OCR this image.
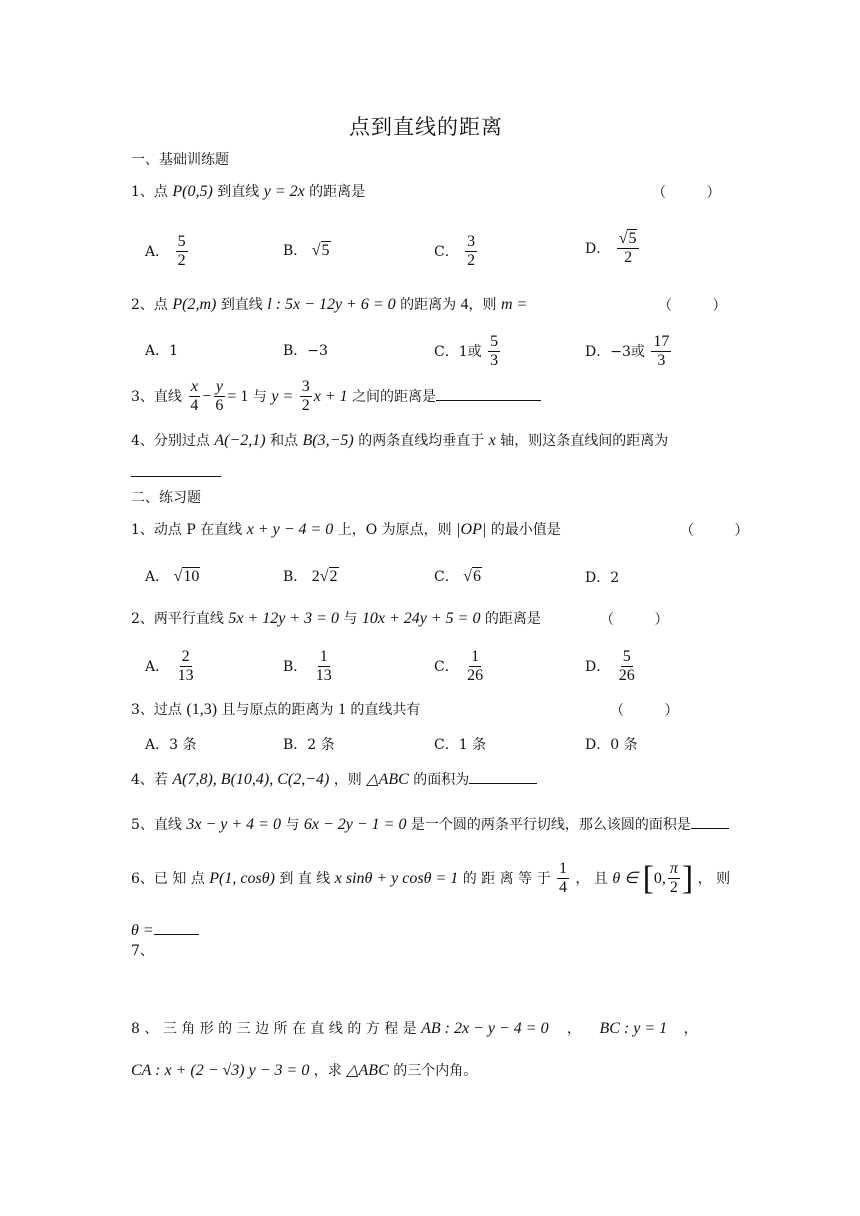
点到直线的距离
一、基础训练题
1、点 P(0,5) 到直线 y = 2x 的距离是	（ ）
A． $\frac{5}{2}$	B． √5	C． $\frac{3}{2}$	D． $\frac{√5}{2}$
2、点 P(2,m) 到直线 l : 5x − 12y + 6 = 0 的距离为 4，则 m =	（ ）
A．1	B．−3	C．1或 $\frac{5}{3}$	D．−3或 $\frac{17}{3}$
3、直线 $\frac{x}{4} - \frac{y}{6} = 1$ 与 $y = \frac{3}{2}$ x + 1 之间的距离是
4、分别过点 A(−2,1) 和点 B(3,−5) 的两条直线均垂直于 x 轴，则这条直线间的距离为
二、练习题
1、动点 P 在直线 x + y − 4 = 0 上，O 为原点，则 |OP| 的最小值是	（ ）
A． √10	B． 2√2	C． √6	D．2
2、两平行直线 5x + 12y + 3 = 0 与 10x + 24y + 5 = 0 的距离是	（ ）
A． $\frac{2}{13}$	B． $\frac{1}{13}$	C． $\frac{1}{26}$	D． $\frac{5}{26}$
3、过点 (1,3) 且与原点的距离为 1 的直线共有	（ ）
A．3 条	B．2 条	C．1 条	D．0 条
4、若 A(7,8), B(10,4), C(2,−4) ，则 △ABC 的面积为
5、直线 3x − y + 4 = 0 与 6x − 2y − 1 = 0 是一个圆的两条平行切线，那么该圆的面积是
6、已 知 点 P(1, cosθ) 到 直 线 x sinθ + y cosθ = 1 的 距 离 等 于 $\frac{1}{4}$ ， 且 θ ∈ [0, $\frac{\pi}{2}$ ] ， 则
θ =
7、
8 、 三 角 形 的 三 边 所 在 直 线 的 方 程 是 AB : 2x − y − 4 = 0 ， BC : y = 1 ，
CA : x + (2 − √3) y − 3 = 0 ，求 △ABC 的三个内角。
